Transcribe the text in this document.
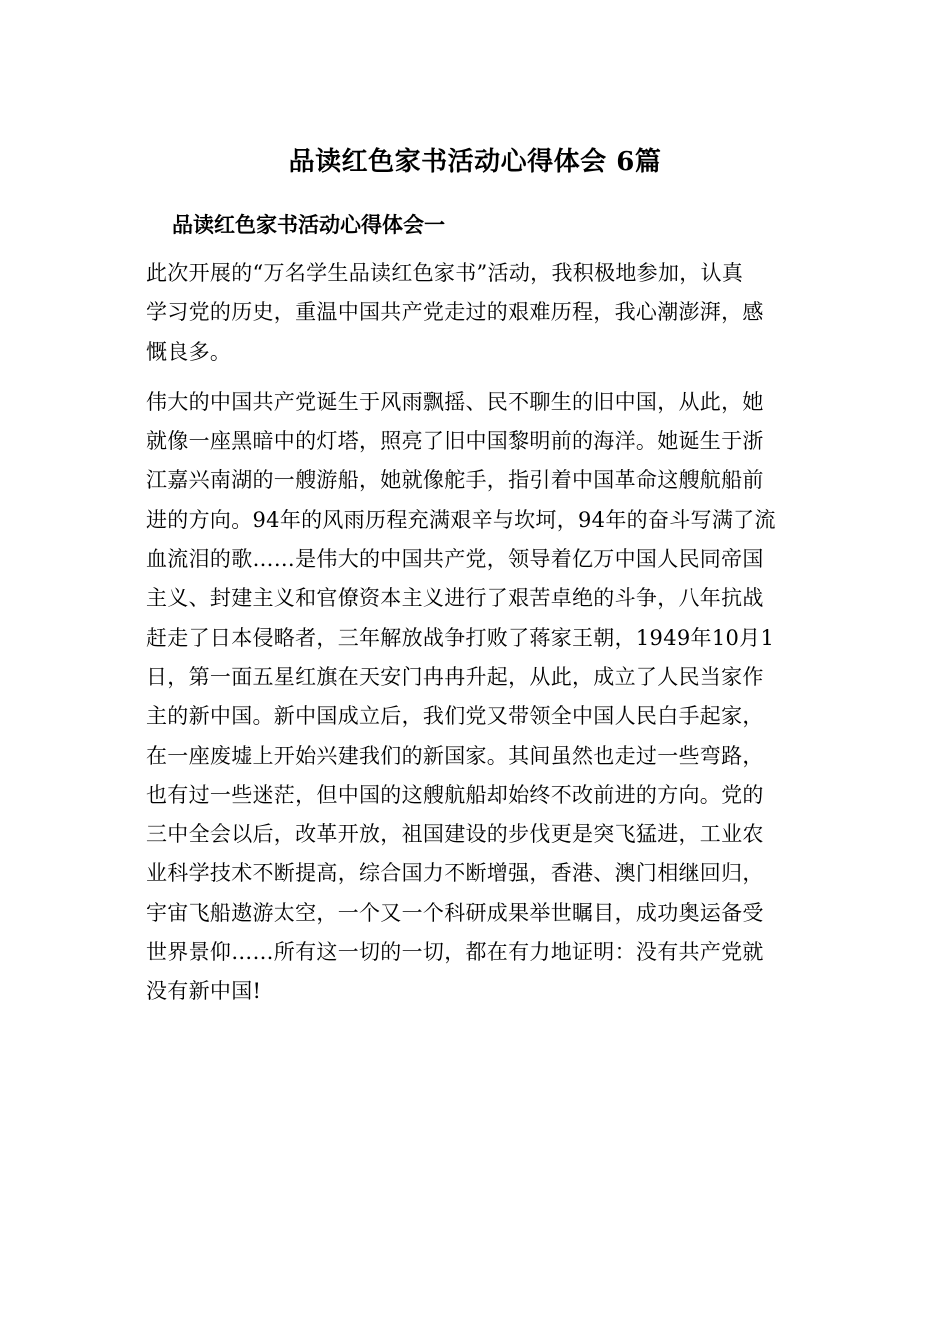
品读红色家书活动心得体会 6篇
品读红色家书活动心得体会一
此次开展的“万名学生品读红色家书”活动，我积极地参加，认真
学习党的历史，重温中国共产党走过的艰难历程，我心潮澎湃，感
慨良多。
伟大的中国共产党诞生于风雨飘摇、民不聊生的旧中国，从此，她
就像一座黑暗中的灯塔，照亮了旧中国黎明前的海洋。她诞生于浙
江嘉兴南湖的一艘游船，她就像舵手，指引着中国革命这艘航船前
进的方向。94年的风雨历程充满艰辛与坎坷，94年的奋斗写满了流
血流泪的歌……是伟大的中国共产党，领导着亿万中国人民同帝国
主义、封建主义和官僚资本主义进行了艰苦卓绝的斗争，八年抗战
赶走了日本侵略者，三年解放战争打败了蒋家王朝，1949年10月1
日，第一面五星红旗在天安门冉冉升起，从此，成立了人民当家作
主的新中国。新中国成立后，我们党又带领全中国人民白手起家，
在一座废墟上开始兴建我们的新国家。其间虽然也走过一些弯路，
也有过一些迷茫，但中国的这艘航船却始终不改前进的方向。党的
三中全会以后，改革开放，祖国建设的步伐更是突飞猛进，工业农
业科学技术不断提高，综合国力不断增强，香港、澳门相继回归，
宇宙飞船遨游太空，一个又一个科研成果举世瞩目，成功奥运备受
世界景仰……所有这一切的一切，都在有力地证明：没有共产党就
没有新中国!
